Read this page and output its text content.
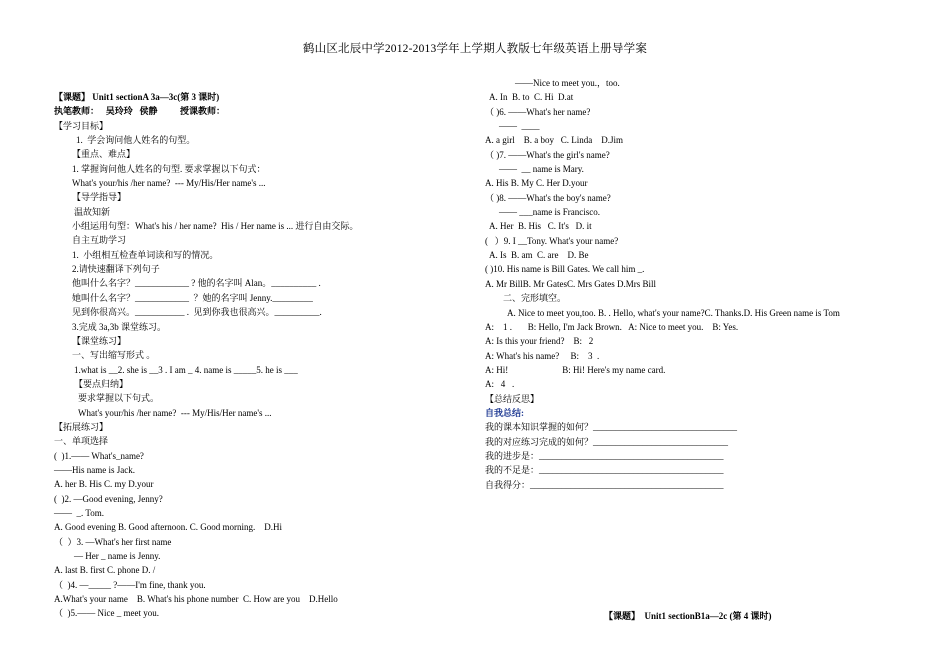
鹤山区北辰中学2012-2013学年上学期人教版七年级英语上册导学案
【课题】 Unit1 sectionA 3a—3c(第 3 课时)
执笔教师：   吴玲玲   侯静          授课教师：
【学习目标】
1.  学会询问他人姓名的句型。
【重点、难点】
1. 掌握询问他人姓名的句型. 要求掌握以下句式：
What's your/his /her name?  --- My/His/Her name's ...
【导学指导】
温故知新
小组运用句型：What's his / her name?  His / Her name is ... 进行自由交际。
自主互助学习
1.  小组相互检查单词读和写的情况。
2.请快速翻译下列句子
他叫什么名字？____________ ? 他的名字叫 Alan。__________ .
她叫什么名字？____________  ？她的名字叫 Jenny._________
见到你很高兴。___________ .  见到你我也很高兴。__________.
3.完成 3a,3b 课堂练习。
【课堂练习】
一、写出缩写形式 。
1.what is __2. she is __3 . I am _ 4. name is _____5. he is ___
【要点归纳】
要求掌握以下句式。
What's your/his /her name?  --- My/His/Her name's ...
【拓展练习】
一、单项选择
(  )1.—— What's_name?
——His name is Jack.
A. her B. His C. my D.your
(  )2. —Good evening, Jenny?
——  _. Tom.
A. Good evening B. Good afternoon. C. Good morning.    D.Hi
（  ）3. —What's her first name
— Her _ name is Jenny.
A. last B. first C. phone D. /
（  )4. —_____ ?——I'm fine, thank you.
A.What's your name    B. What's his phone number  C. How are you    D.Hello
（  )5.—— Nice _ meet you.
——Nice to meet you.，too.
A. In  B. to  C. Hi  D.at
（ )6. ——What's her name?
——  ____
A. a girl    B. a boy   C. Linda    D.Jim
（ )7. ——What's the girl's name?
——  __ name is Mary.
A. His B. My C. Her D.your
（ )8. ——What's the boy's name?
—— ___name is Francisco.
A. Her  B. His   C. It's   D. it
(   ）9. I __Tony. What's your name?
A. Is  B. am  C. are    D. Be
( )10. His name is Bill Gates. We call him _.
A. Mr BillB. Mr GatesC. Mrs Gates D.Mrs Bill
二、完形填空。
A. Nice to meet you,too. B. . Hello, what's your name?C. Thanks.D. His Green name is Tom
A:    1 .       B: Hello, I'm Jack Brown.   A: Nice to meet you.    B: Yes.
A: Is this your friend?    B:   2
A: What's his name?     B:    3  .
A: Hi!                        B: Hi! Here's my name card.
A:   4   .
【总结反思】
自我总结:
我的课本知识掌握的如何？________________________________
我的对应练习完成的如何？______________________________
我的进步是：_________________________________________
我的不足是：_________________________________________
自我得分：___________________________________________
【课题】  Unit1 sectionB1a—2c (第 4 课时)
